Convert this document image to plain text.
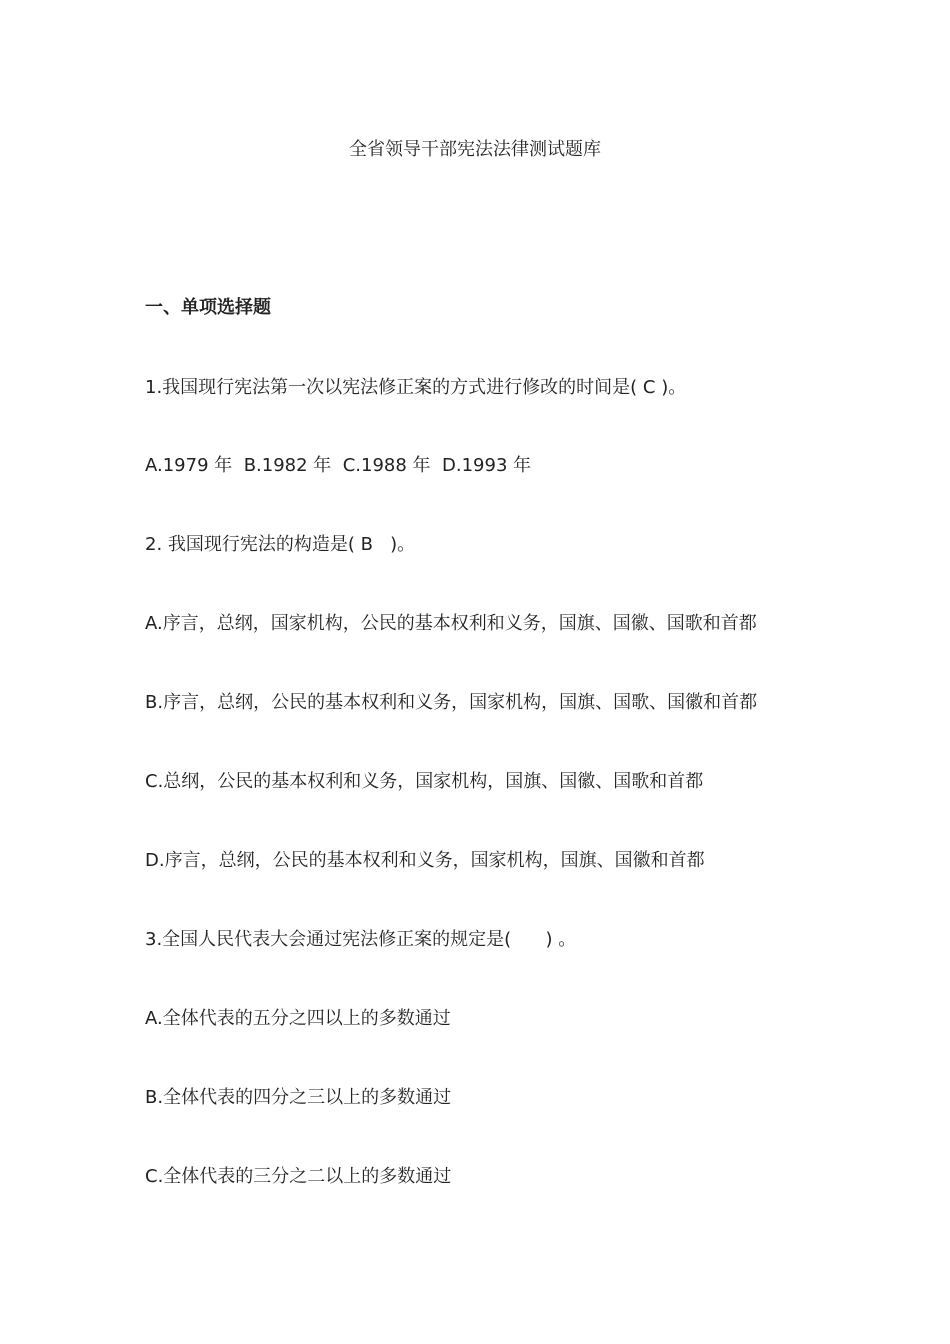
全省领导干部宪法法律测试题库
一、单项选择题
1.我国现行宪法第一次以宪法修正案的方式进行修改的时间是( C )。
A.1979 年  B.1982 年  C.1988 年  D.1993 年
2. 我国现行宪法的构造是( B   )。
A.序言，总纲，国家机构，公民的基本权利和义务，国旗、国徽、国歌和首都
B.序言，总纲，公民的基本权利和义务，国家机构，国旗、国歌、国徽和首都
C.总纲，公民的基本权利和义务，国家机构，国旗、国徽、国歌和首都
D.序言，总纲，公民的基本权利和义务，国家机构，国旗、国徽和首都
3.全国人民代表大会通过宪法修正案的规定是(      ) 。
A.全体代表的五分之四以上的多数通过
B.全体代表的四分之三以上的多数通过
C.全体代表的三分之二以上的多数通过
